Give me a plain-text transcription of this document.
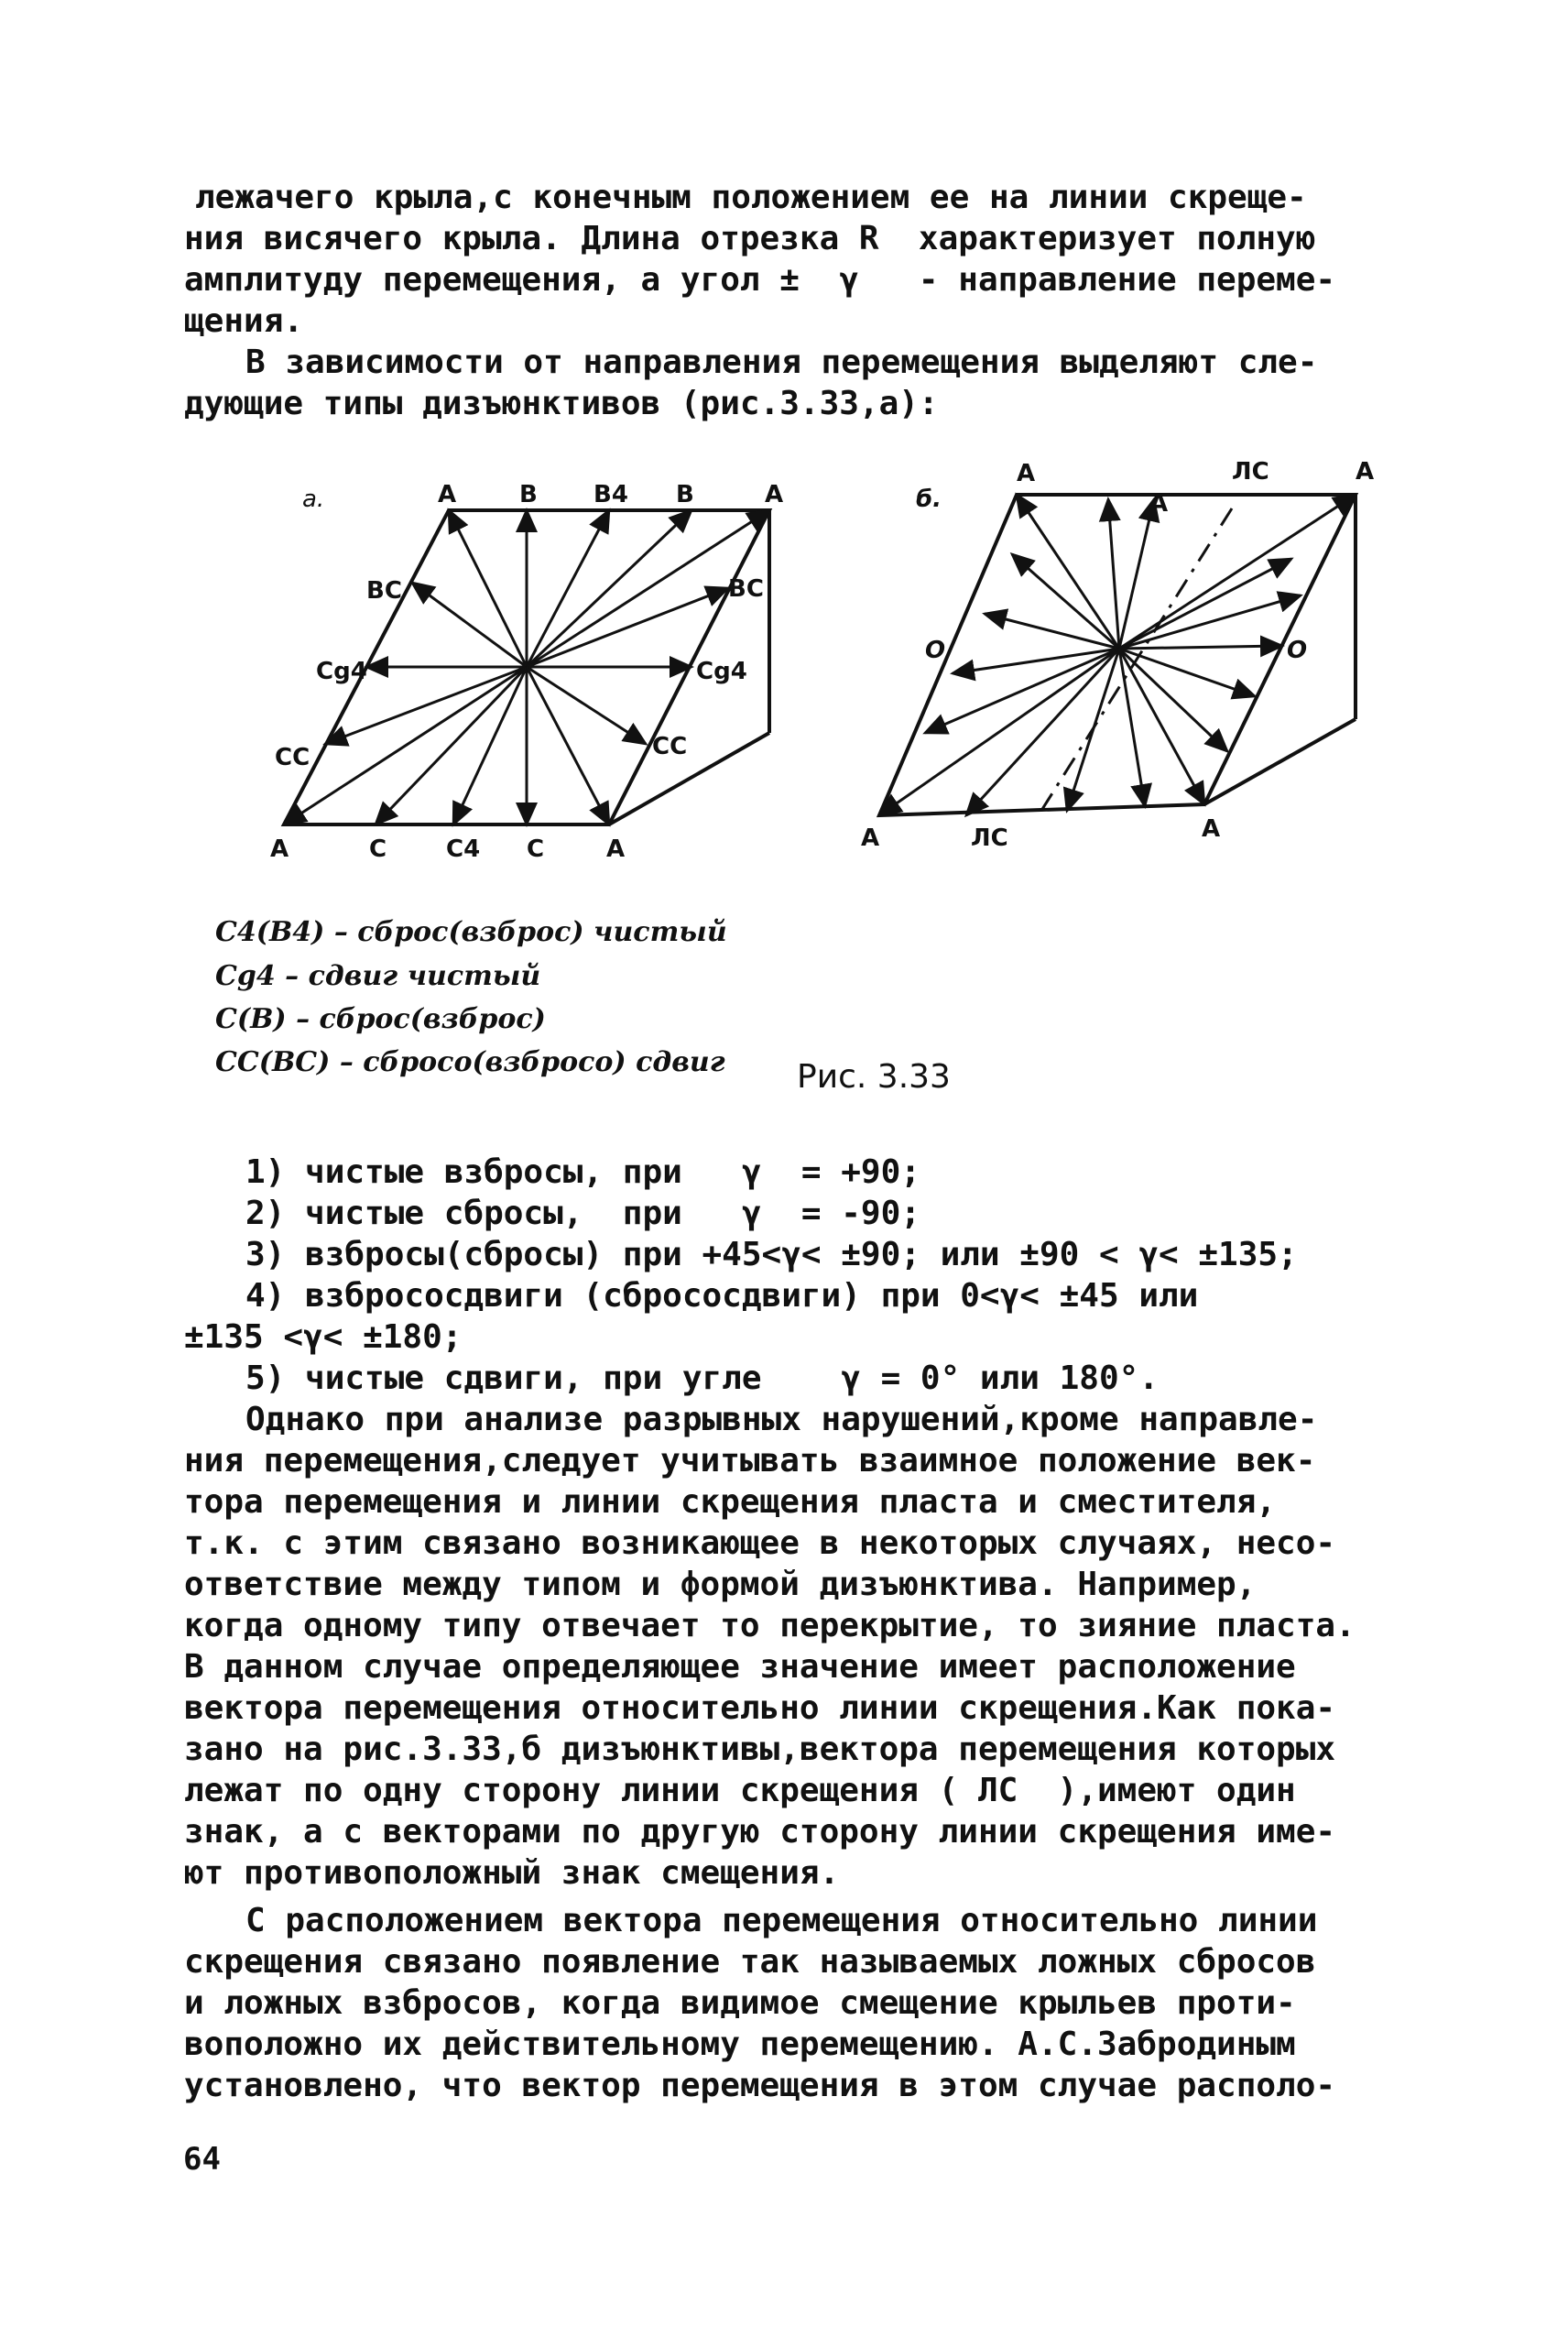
лежачего крыла,с конечным положением ее на линии скреще-
ния висячего крыла. Длина отрезка R  характеризует полную
амплитуду перемещения, а угол ±  γ   - направление переме-
щения.
В зависимости от направления перемещения выделяют сле-
дующие типы дизъюнктивов (рис.3.33,а):
а.	А	В В4 В	А
ВС
Cg4
СС
ВС
Cg4
СС
А	С С4 С	А
б.
А
А
ЛС	А
О	О
А	ЛС	А
С4(В4) – сброс(взброс) чистый
Cg4 – сдвиг чистый
С(В) – сброс(взброс)
СС(ВС) – сбросо(взбросо) сдвиг Рис. 3.33
1) чистые взбросы, при   γ  = +90;
2) чистые сбросы,  при   γ  = -90;
3) взбросы(сбросы) при +45<γ< ±90; или ±90 < γ< ±135;
4) взбрососдвиги (сбрососдвиги) при 0<γ< ±45 или
±135 <γ< ±180;
5) чистые сдвиги, при угле    γ = 0° или 180°.
Однако при анализе разрывных нарушений,кроме направле-
ния перемещения,следует учитывать взаимное положение век-
тора перемещения и линии скрещения пласта и сместителя,
т.к. с этим связано возникающее в некоторых случаях, несо-
ответствие между типом и формой дизъюнктива. Например,
когда одному типу отвечает то перекрытие, то зияние пласта.
В данном случае определяющее значение имеет расположение
вектора перемещения относительно линии скрещения.Как пока-
зано на рис.3.33,б дизъюнктивы,вектора перемещения которых
лежат по одну сторону линии скрещения ( ЛС  ),имеют один
знак, а с векторами по другую сторону линии скрещения име-
ют противоположный знак смещения.
С расположением вектора перемещения относительно линии
скрещения связано появление так называемых ложных сбросов
и ложных взбросов, когда видимое смещение крыльев проти-
воположно их действительному перемещению. А.С.Забродиным
установлено, что вектор перемещения в этом случае располо-
64
